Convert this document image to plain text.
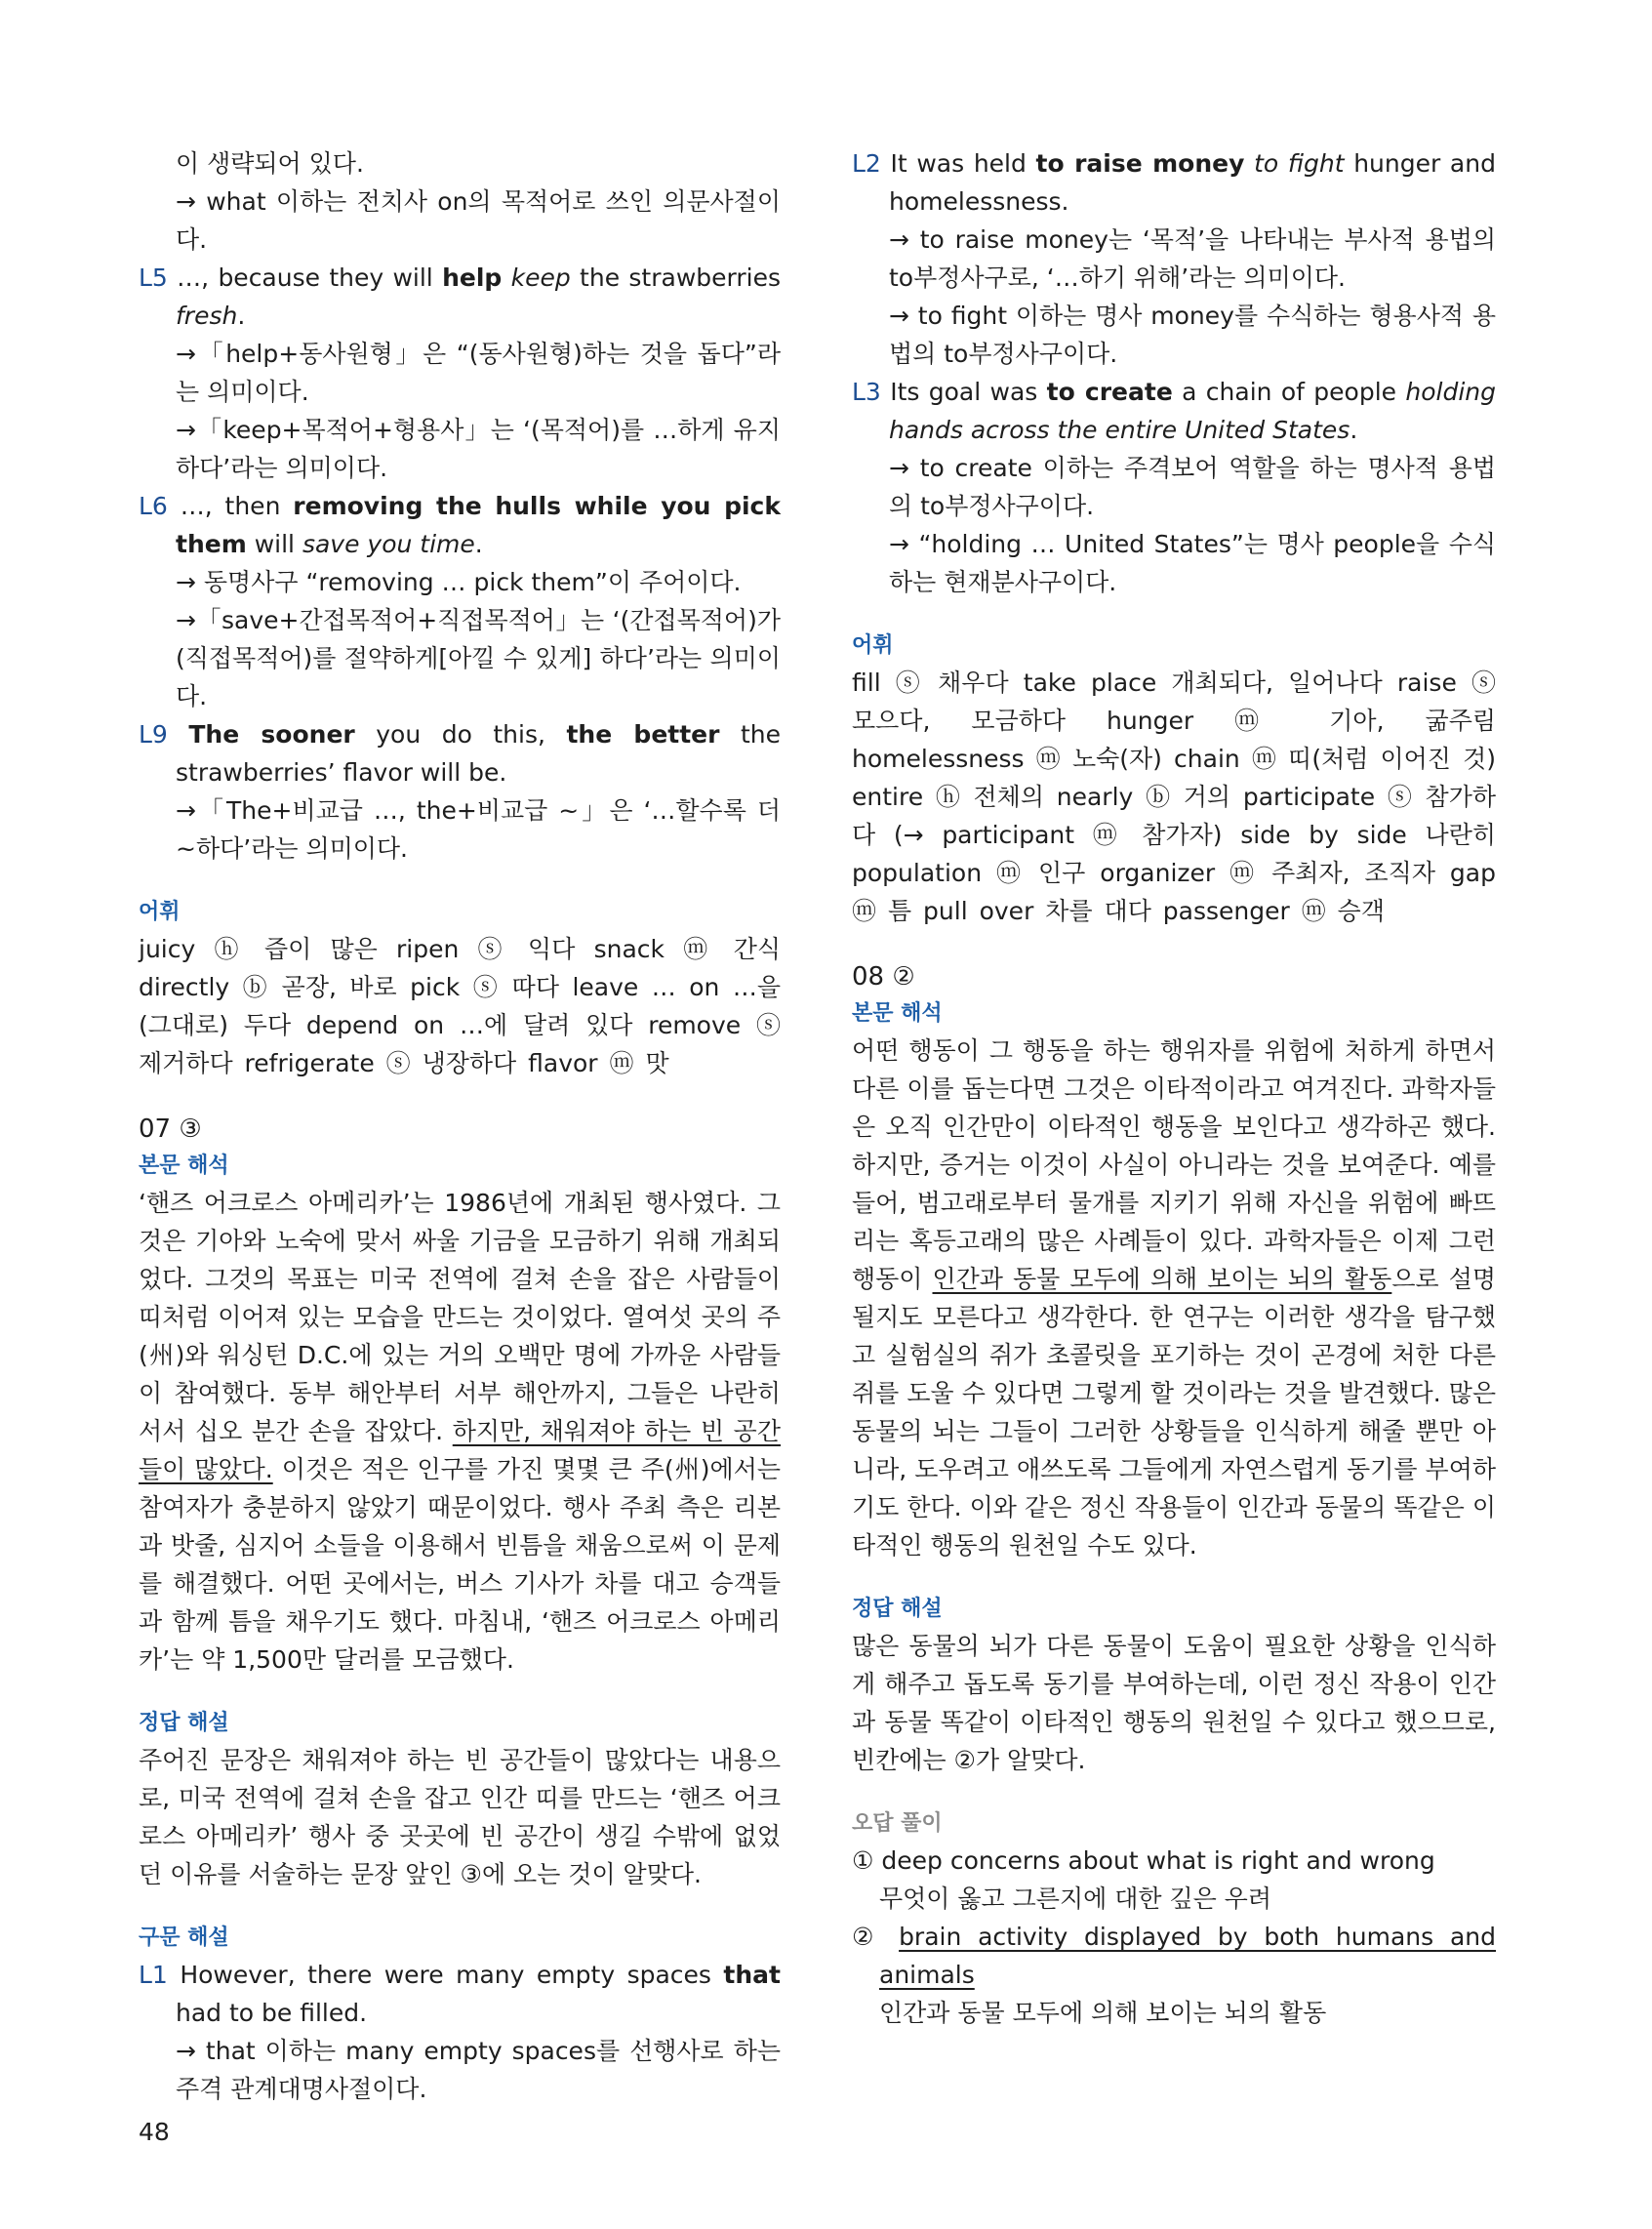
이 생략되어 있다.

→ what 이하는 전치사 on의 목적어로 쓰인 의문사절이다.

L5 …, because they will help keep the strawberries fresh.

→「help+동사원형」은 “(동사원형)하는 것을 돕다”라는 의미이다.

→「keep+목적어+형용사」는 ‘(목적어)를 …하게 유지하다’라는 의미이다.

L6 …, then removing the hulls while you pick them will save you time.

→ 동명사구 “removing … pick them”이 주어이다.

→「save+간접목적어+직접목적어」는 ‘(간접목적어)가 (직접목적어)를 절약하게[아낄 수 있게] 하다’라는 의미이다.

L9 The sooner you do this, the better the strawberries’ flavor will be.

→「The+비교급 …, the+비교급 ~」은 ‘…할수록 더 ~하다’라는 의미이다.

어휘

juicy ⓗ 즙이 많은 ripen ⓢ 익다 snack ⓜ 간식 directly ⓑ 곧장, 바로 pick ⓢ 따다 leave … on …을 (그대로) 두다 depend on …에 달려 있다 remove ⓢ 제거하다 refrigerate ⓢ 냉장하다 flavor ⓜ 맛

07 ③

본문 해석

‘핸즈 어크로스 아메리카’는 1986년에 개최된 행사였다. 그것은 기아와 노숙에 맞서 싸울 기금을 모금하기 위해 개최되었다. 그것의 목표는 미국 전역에 걸쳐 손을 잡은 사람들이 띠처럼 이어져 있는 모습을 만드는 것이었다. 열여섯 곳의 주(州)와 워싱턴 D.C.에 있는 거의 오백만 명에 가까운 사람들이 참여했다. 동부 해안부터 서부 해안까지, 그들은 나란히 서서 십오 분간 손을 잡았다. 하지만, 채워져야 하는 빈 공간들이 많았다. 이것은 적은 인구를 가진 몇몇 큰 주(州)에서는 참여자가 충분하지 않았기 때문이었다. 행사 주최 측은 리본과 밧줄, 심지어 소들을 이용해서 빈틈을 채움으로써 이 문제를 해결했다. 어떤 곳에서는, 버스 기사가 차를 대고 승객들과 함께 틈을 채우기도 했다. 마침내, ‘핸즈 어크로스 아메리카’는 약 1,500만 달러를 모금했다.

정답 해설

주어진 문장은 채워져야 하는 빈 공간들이 많았다는 내용으로, 미국 전역에 걸쳐 손을 잡고 인간 띠를 만드는 ‘핸즈 어크로스 아메리카’ 행사 중 곳곳에 빈 공간이 생길 수밖에 없었던 이유를 서술하는 문장 앞인 ③에 오는 것이 알맞다.

구문 해설

L1 However, there were many empty spaces that had to be filled.

→ that 이하는 many empty spaces를 선행사로 하는 주격 관계대명사절이다.

L2 It was held to raise money to fight hunger and homelessness.

→ to raise money는 ‘목적’을 나타내는 부사적 용법의 to부정사구로, ‘…하기 위해’라는 의미이다.

→ to fight 이하는 명사 money를 수식하는 형용사적 용법의 to부정사구이다.

L3 Its goal was to create a chain of people holding hands across the entire United States.

→ to create 이하는 주격보어 역할을 하는 명사적 용법의 to부정사구이다.

→ “holding … United States”는 명사 people을 수식하는 현재분사구이다.

어휘

fill ⓢ 채우다 take place 개최되다, 일어나다 raise ⓢ 모으다, 모금하다 hunger ⓜ 기아, 굶주림 homelessness ⓜ 노숙(자) chain ⓜ 띠(처럼 이어진 것) entire ⓗ 전체의 nearly ⓑ 거의 participate ⓢ 참가하다 (→ participant ⓜ 참가자) side by side 나란히 population ⓜ 인구 organizer ⓜ 주최자, 조직자 gap ⓜ 틈 pull over 차를 대다 passenger ⓜ 승객

08 ②

본문 해석

어떤 행동이 그 행동을 하는 행위자를 위험에 처하게 하면서 다른 이를 돕는다면 그것은 이타적이라고 여겨진다. 과학자들은 오직 인간만이 이타적인 행동을 보인다고 생각하곤 했다. 하지만, 증거는 이것이 사실이 아니라는 것을 보여준다. 예를 들어, 범고래로부터 물개를 지키기 위해 자신을 위험에 빠뜨리는 혹등고래의 많은 사례들이 있다. 과학자들은 이제 그런 행동이 인간과 동물 모두에 의해 보이는 뇌의 활동으로 설명될지도 모른다고 생각한다. 한 연구는 이러한 생각을 탐구했고 실험실의 쥐가 초콜릿을 포기하는 것이 곤경에 처한 다른 쥐를 도울 수 있다면 그렇게 할 것이라는 것을 발견했다. 많은 동물의 뇌는 그들이 그러한 상황들을 인식하게 해줄 뿐만 아니라, 도우려고 애쓰도록 그들에게 자연스럽게 동기를 부여하기도 한다. 이와 같은 정신 작용들이 인간과 동물의 똑같은 이타적인 행동의 원천일 수도 있다.

정답 해설

많은 동물의 뇌가 다른 동물이 도움이 필요한 상황을 인식하게 해주고 돕도록 동기를 부여하는데, 이런 정신 작용이 인간과 동물 똑같이 이타적인 행동의 원천일 수 있다고 했으므로, 빈칸에는 ②가 알맞다.

오답 풀이

① deep concerns about what is right and wrong

무엇이 옳고 그른지에 대한 깊은 우려

② brain activity displayed by both humans and animals

인간과 동물 모두에 의해 보이는 뇌의 활동

48
